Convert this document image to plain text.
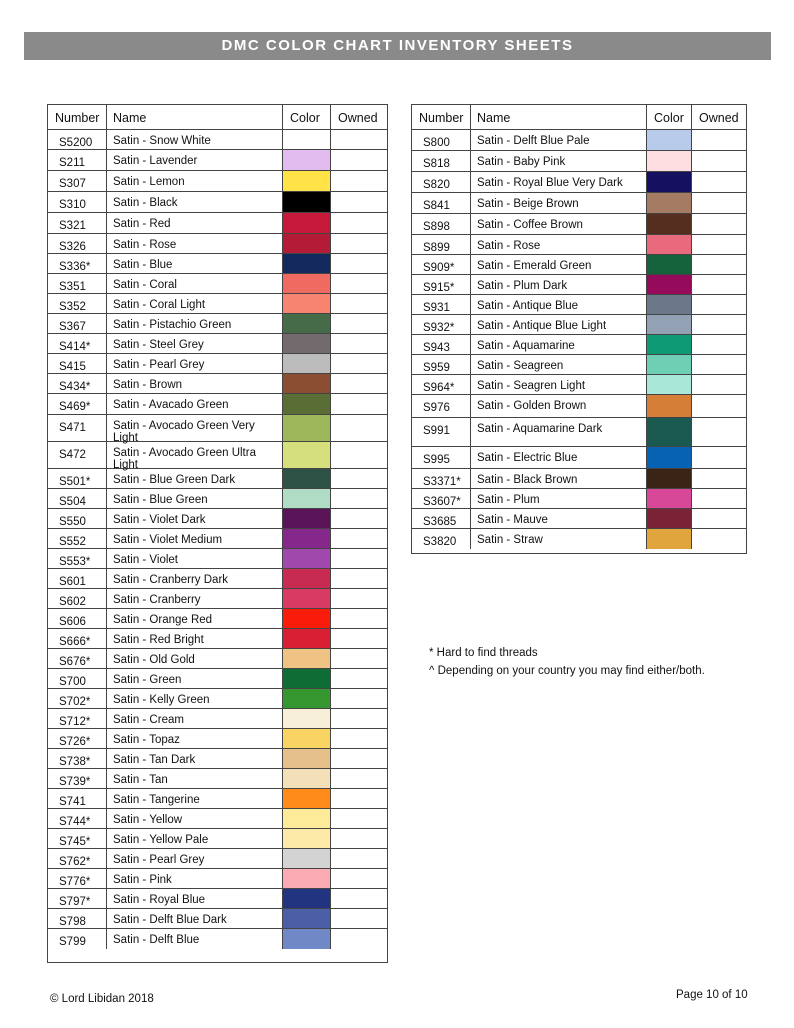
DMC COLOR CHART INVENTORY SHEETS
Number Name	Color Owned
S5200	Satin - Snow White
S211	Satin - Lavender
S307	Satin - Lemon
S310	Satin - Black
S321	Satin - Red
S326	Satin - Rose
S336*	Satin - Blue
S351	Satin - Coral
S352	Satin - Coral Light
S367	Satin - Pistachio Green
S414*	Satin - Steel Grey
S415	Satin - Pearl Grey
S434*	Satin - Brown
S469*	Satin - Avacado Green
S471	Satin - Avocado Green Very Light
S472	Satin - Avocado Green Ultra Light
S501*	Satin - Blue Green Dark
S504	Satin - Blue Green
S550	Satin - Violet Dark
S552	Satin - Violet Medium
S553*	Satin - Violet
S601	Satin - Cranberry Dark
S602	Satin - Cranberry
S606	Satin - Orange Red
S666*	Satin - Red Bright
S676*	Satin - Old Gold
S700	Satin - Green
S702*	Satin - Kelly Green
S712*	Satin - Cream
S726*	Satin - Topaz
S738*	Satin - Tan Dark
S739*	Satin - Tan
S741	Satin - Tangerine
S744*	Satin - Yellow
S745*	Satin - Yellow Pale
S762*	Satin - Pearl Grey
S776*	Satin - Pink
S797*	Satin - Royal Blue
S798	Satin - Delft Blue Dark
S799	Satin - Delft Blue
Number Name	Color Owned
S800	Satin - Delft Blue Pale
S818	Satin - Baby Pink
S820	Satin - Royal Blue Very Dark
S841	Satin - Beige Brown
S898	Satin - Coffee Brown
S899	Satin - Rose
S909*	Satin - Emerald Green
S915*	Satin - Plum Dark
S931	Satin - Antique Blue
S932*	Satin - Antique Blue Light
S943	Satin - Aquamarine
S959	Satin - Seagreen
S964*	Satin - Seagren Light
S976	Satin - Golden Brown
S991	Satin - Aquamarine Dark
S995	Satin - Electric Blue
S3371*	Satin - Black Brown
S3607*	Satin - Plum
S3685	Satin - Mauve
S3820	Satin - Straw
* Hard to find threads
^ Depending on your country you may find either/both.
© Lord Libidan 2018	Page 10 of 10
